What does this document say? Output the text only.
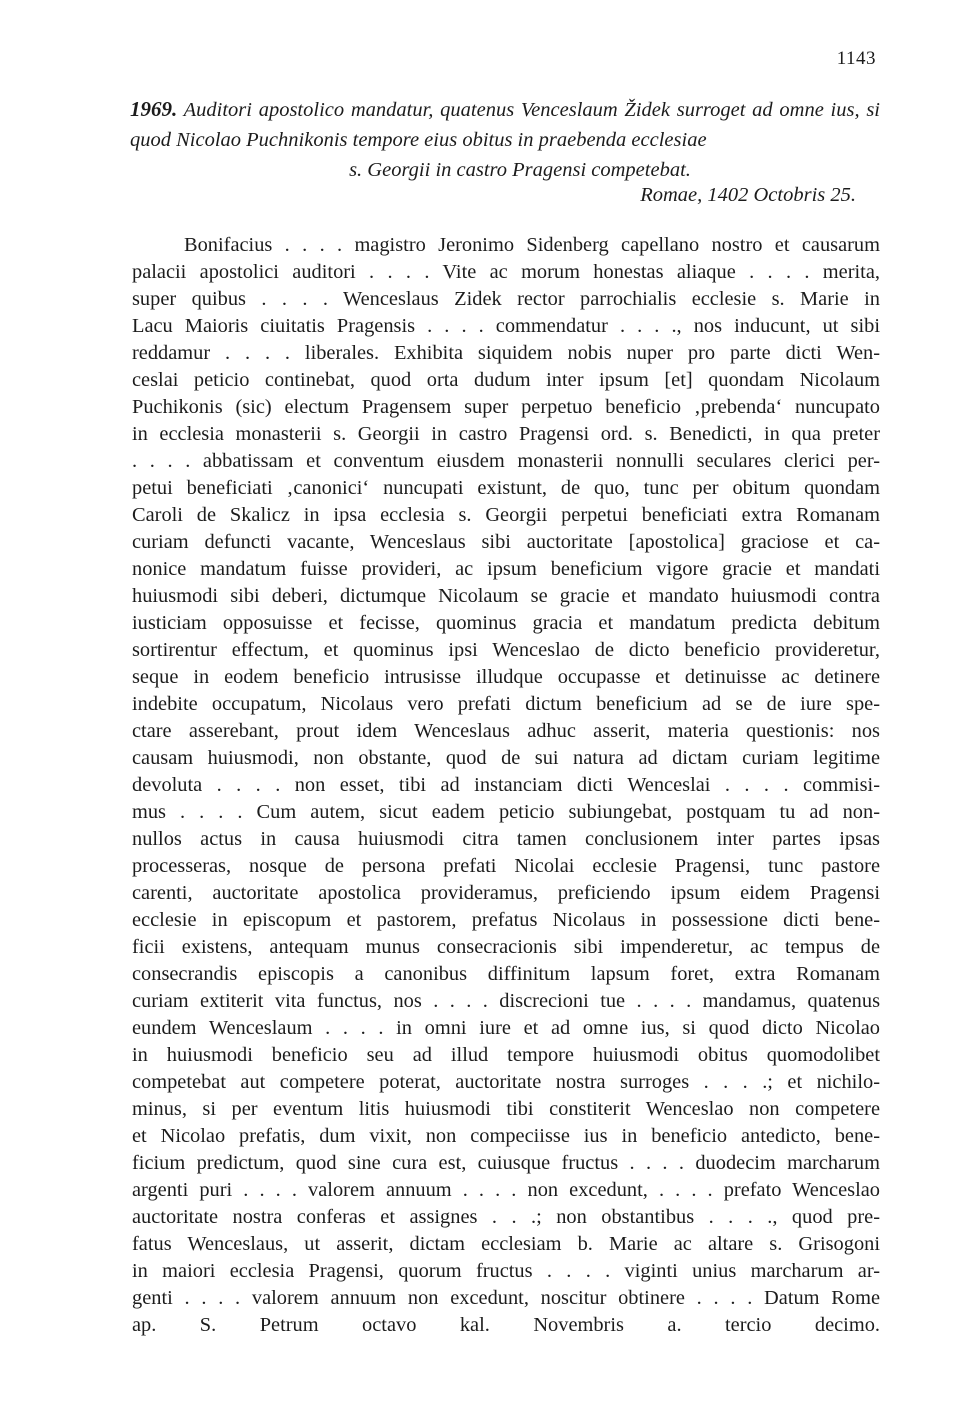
1143
1969. Auditori apostolico mandatur, quatenus Venceslaum Židek surroget ad omne ius, si quod Nicolao Puchnikonis tempore eius obitus in praebenda ecclesiae
s. Georgii in castro Pragensi competebat.
Romae, 1402 Octobris 25.
Bonifacius . . . . magistro Jeronimo Sidenberg capellano nostro et causarum
palacii apostolici auditori . . . . Vite ac morum honestas aliaque . . . . merita,
super quibus . . . . Wenceslaus Zidek rector parrochialis ecclesie s. Marie in
Lacu Maioris ciuitatis Pragensis . . . . commendatur . . . ., nos inducunt, ut sibi
reddamur . . . . liberales. Exhibita siquidem nobis nuper pro parte dicti Wen-
ceslai peticio continebat, quod orta dudum inter ipsum [et] quondam Nicolaum
Puchikonis (sic) electum Pragensem super perpetuo beneficio ‚prebenda‘ nuncupato
in ecclesia monasterii s. Georgii in castro Pragensi ord. s. Benedicti, in qua preter
. . . . abbatissam et conventum eiusdem monasterii nonnulli seculares clerici per-
petui beneficiati ‚canonici‘ nuncupati existunt, de quo, tunc per obitum quondam
Caroli de Skalicz in ipsa ecclesia s. Georgii perpetui beneficiati extra Romanam
curiam defuncti vacante, Wenceslaus sibi auctoritate [apostolica] graciose et ca-
nonice mandatum fuisse provideri, ac ipsum beneficium vigore gracie et mandati
huiusmodi sibi deberi, dictumque Nicolaum se gracie et mandato huiusmodi contra
iusticiam opposuisse et fecisse, quominus gracia et mandatum predicta debitum
sortirentur effectum, et quominus ipsi Wenceslao de dicto beneficio provideretur,
seque in eodem beneficio intrusisse illudque occupasse et detinuisse ac detinere
indebite occupatum, Nicolaus vero prefati dictum beneficium ad se de iure spe-
ctare asserebant, prout idem Wenceslaus adhuc asserit, materia questionis: nos
causam huiusmodi, non obstante, quod de sui natura ad dictam curiam legitime
devoluta . . . . non esset, tibi ad instanciam dicti Wenceslai . . . . commisi-
mus . . . . Cum autem, sicut eadem peticio subiungebat, postquam tu ad non-
nullos actus in causa huiusmodi citra tamen conclusionem inter partes ipsas
processeras, nosque de persona prefati Nicolai ecclesie Pragensi, tunc pastore
carenti, auctoritate apostolica provideramus, preficiendo ipsum eidem Pragensi
ecclesie in episcopum et pastorem, prefatus Nicolaus in possessione dicti bene-
ficii existens, antequam munus consecracionis sibi impenderetur, ac tempus de
consecrandis episcopis a canonibus diffinitum lapsum foret, extra Romanam
curiam extiterit vita functus, nos . . . . discrecioni tue . . . . mandamus, quatenus
eundem Wenceslaum . . . . in omni iure et ad omne ius, si quod dicto Nicolao
in huiusmodi beneficio seu ad illud tempore huiusmodi obitus quomodolibet
competebat aut competere poterat, auctoritate nostra surroges . . . .; et nichilo-
minus, si per eventum litis huiusmodi tibi constiterit Wenceslao non competere
et Nicolao prefatis, dum vixit, non compeciisse ius in beneficio antedicto, bene-
ficium predictum, quod sine cura est, cuiusque fructus . . . . duodecim marcharum
argenti puri . . . . valorem annuum . . . . non excedunt, . . . . prefato Wenceslao
auctoritate nostra conferas et assignes . . .; non obstantibus . . . ., quod pre-
fatus Wenceslaus, ut asserit, dictam ecclesiam b. Marie ac altare s. Grisogoni
in maiori ecclesia Pragensi, quorum fructus . . . . viginti unius marcharum ar-
genti . . . . valorem annuum non excedunt, noscitur obtinere . . . . Datum Rome
ap. S. Petrum octavo kal. Novembris a. tercio decimo.
